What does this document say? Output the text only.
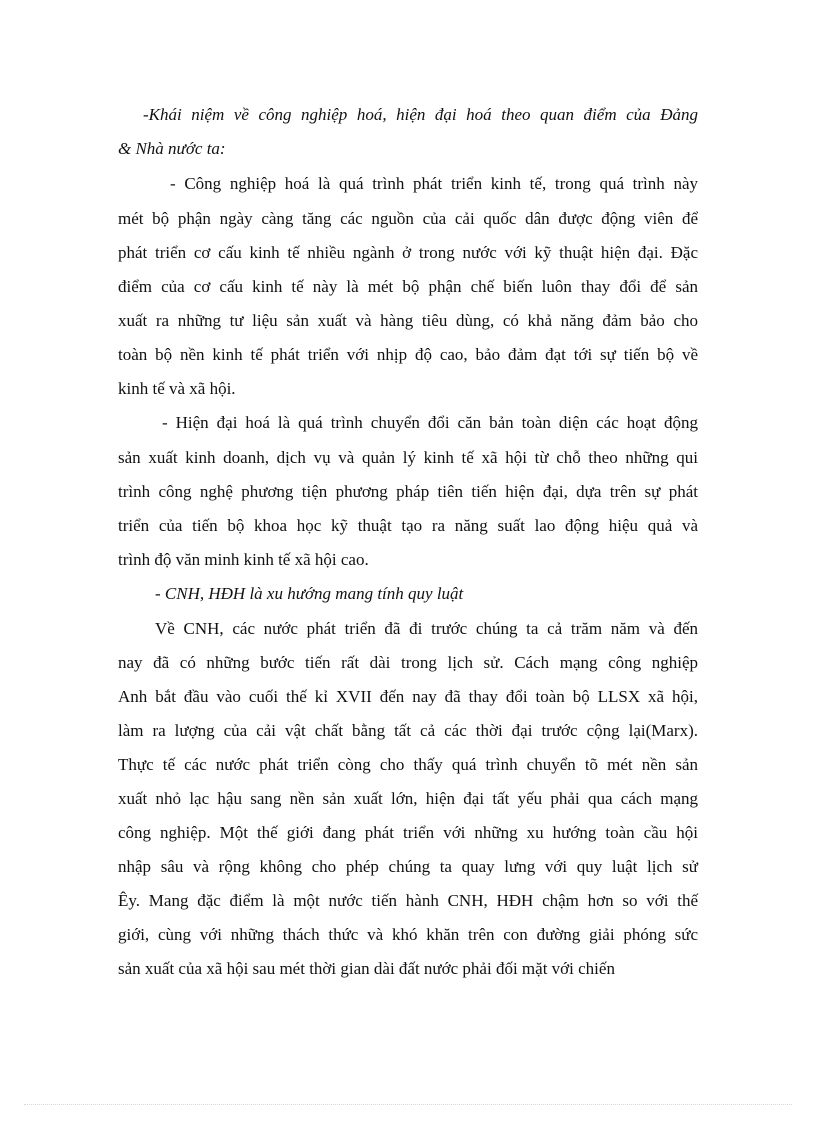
-Khái niệm về công nghiệp hoá, hiện đại hoá theo quan điểm của Đảng
& Nhà nước ta:
- Công nghiệp hoá là quá trình phát triển kinh tế, trong quá trình này
mét bộ phận ngày càng tăng các nguồn của cải quốc dân được động viên để
phát triển cơ cấu kinh tế nhiều ngành ở trong nước với kỹ thuật hiện đại. Đặc
điểm của cơ cấu kinh tế này là mét bộ phận chế biến luôn thay đổi để sản
xuất ra những tư liệu sản xuất và hàng tiêu dùng, có khả năng đảm bảo cho
toàn bộ nền kinh tế phát triển với nhịp độ cao, bảo đảm đạt tới sự tiến bộ về
kinh tế và xã hội.
- Hiện đại hoá là quá trình chuyển đổi căn bản toàn diện các hoạt động
sản xuất kinh doanh, dịch vụ và quản lý kinh tế xã hội từ chỗ theo những qui
trình công nghệ phương tiện phương pháp tiên tiến hiện đại, dựa trên sự phát
triển của tiến bộ khoa học kỹ thuật tạo ra năng suất lao động hiệu quả và
trình độ văn minh kinh tế xã hội cao.
- CNH, HĐH là xu hướng mang tính quy luật
Về CNH, các nước phát triển đã đi trước chúng ta cả trăm năm và đến
nay đã có những bước tiến rất dài trong lịch sử. Cách mạng công nghiệp
Anh bắt đầu vào cuối thế kỉ XVII đến nay đã thay đổi toàn bộ LLSX xã hội,
làm ra lượng của cải vật chất bằng tất cả các thời đại trước cộng lại(Marx).
Thực tế các nước phát triển còng cho thấy quá trình chuyển tõ mét nền sản
xuất nhỏ lạc hậu sang nền sản xuất lớn, hiện đại tất yếu phải qua cách mạng
công nghiệp. Một thế giới đang phát triển với những xu hướng toàn cầu hội
nhập sâu và rộng không cho phép chúng ta quay lưng với quy luật lịch sử
Êy. Mang đặc điểm là một nước tiến hành CNH, HĐH chậm hơn so với thế
giới, cùng với những thách thức và khó khăn trên con đường giải phóng sức
sản xuất của xã hội sau mét thời gian dài đất nước phải đối mặt với chiến
